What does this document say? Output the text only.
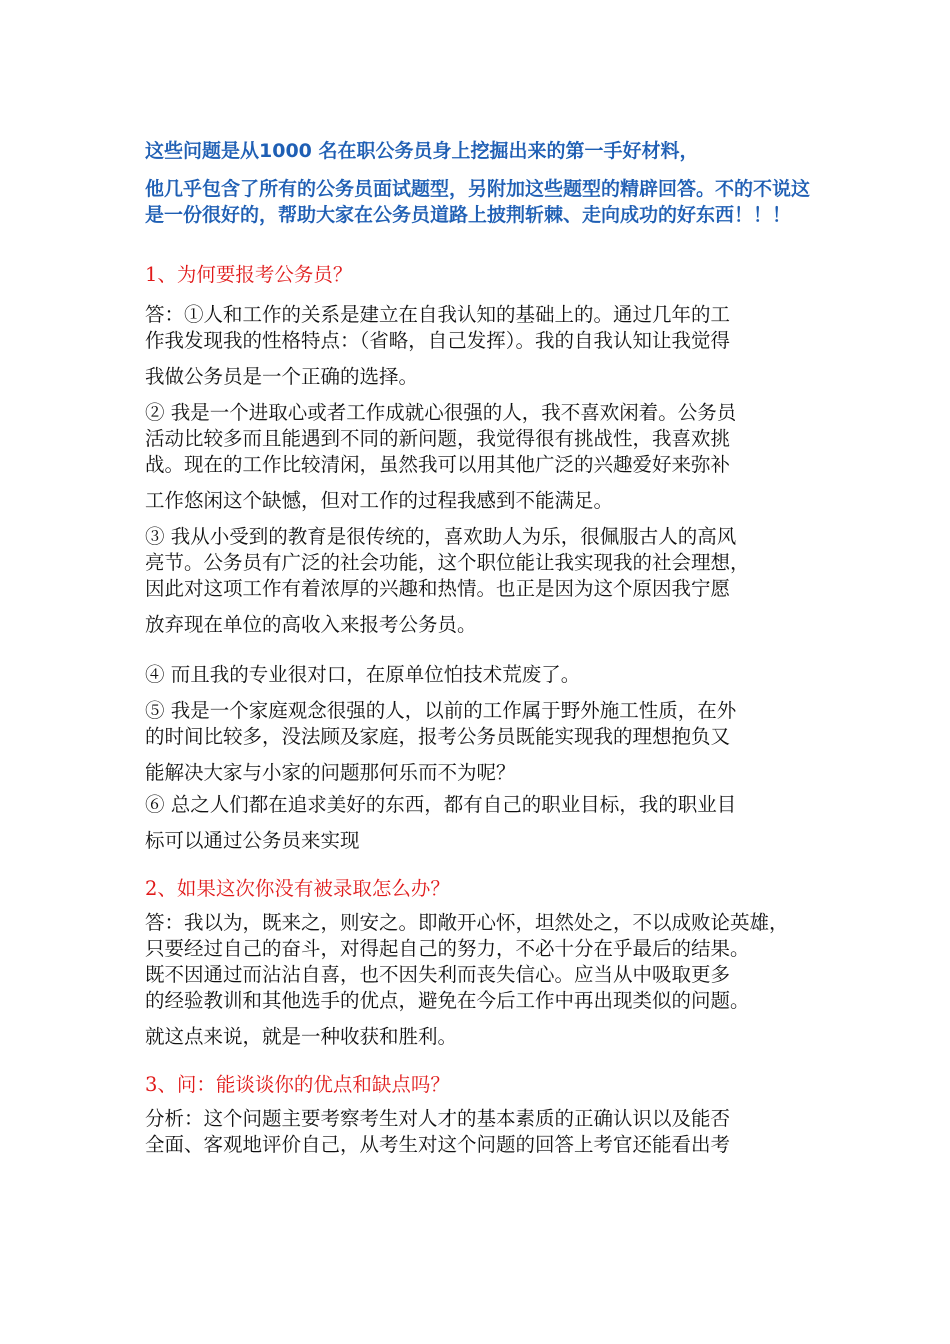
这些问题是从1000 名在职公务员身上挖掘出来的第一手好材料，

他几乎包含了所有的公务员面试题型，另附加这些题型的精辟回答。不的不说这是一份很好的，帮助大家在公务员道路上披荆斩棘、走向成功的好东西！！！

1、为何要报考公务员？

答：①人和工作的关系是建立在自我认知的基础上的。通过几年的工
作我发现我的性格特点：（省略，自己发挥）。我的自我认知让我觉得

我做公务员是一个正确的选择。

② 我是一个进取心或者工作成就心很强的人，我不喜欢闲着。公务员
活动比较多而且能遇到不同的新问题，我觉得很有挑战性，我喜欢挑
战。现在的工作比较清闲，虽然我可以用其他广泛的兴趣爱好来弥补

工作悠闲这个缺憾，但对工作的过程我感到不能满足。

③ 我从小受到的教育是很传统的，喜欢助人为乐，很佩服古人的高风
亮节。公务员有广泛的社会功能，这个职位能让我实现我的社会理想，
因此对这项工作有着浓厚的兴趣和热情。也正是因为这个原因我宁愿

放弃现在单位的高收入来报考公务员。

④ 而且我的专业很对口，在原单位怕技术荒废了。

⑤ 我是一个家庭观念很强的人，以前的工作属于野外施工性质，在外
的时间比较多，没法顾及家庭，报考公务员既能实现我的理想抱负又

能解决大家与小家的问题那何乐而不为呢？

⑥ 总之人们都在追求美好的东西，都有自己的职业目标，我的职业目

标可以通过公务员来实现

2、如果这次你没有被录取怎么办？

答：我以为，既来之，则安之。即敞开心怀，坦然处之，不以成败论英雄，
只要经过自己的奋斗，对得起自己的努力，不必十分在乎最后的结果。
既不因通过而沾沾自喜，也不因失利而丧失信心。应当从中吸取更多
的经验教训和其他选手的优点，避免在今后工作中再出现类似的问题。

就这点来说，就是一种收获和胜利。

3、问：能谈谈你的优点和缺点吗？

分析：这个问题主要考察考生对人才的基本素质的正确认识以及能否
全面、客观地评价自己，从考生对这个问题的回答上考官还能看出考
